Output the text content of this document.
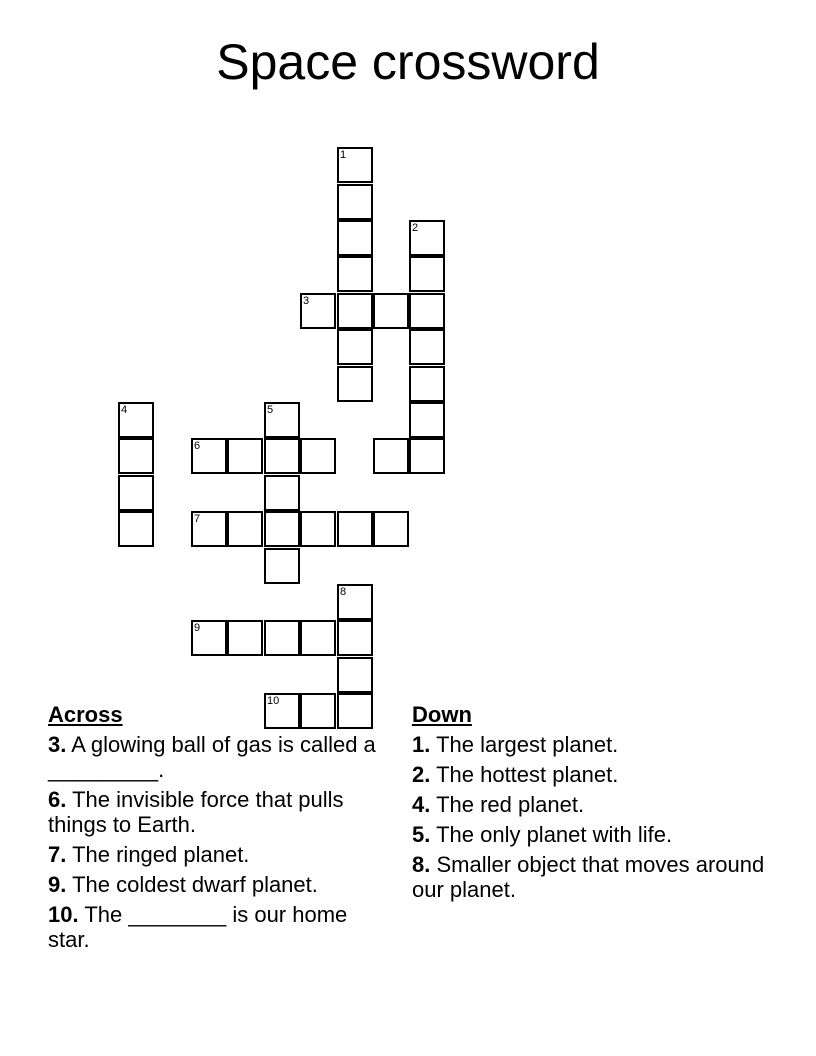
Space crossword
1
2
3
4	5
6
7
8
9
10
Across
3. A glowing ball of gas is called a _________.
6. The invisible force that pulls things to Earth.
7. The ringed planet.
9. The coldest dwarf planet.
10. The ________ is our home star.
Down
1. The largest planet.
2. The hottest planet.
4. The red planet.
5. The only planet with life.
8. Smaller object that moves around our planet.
